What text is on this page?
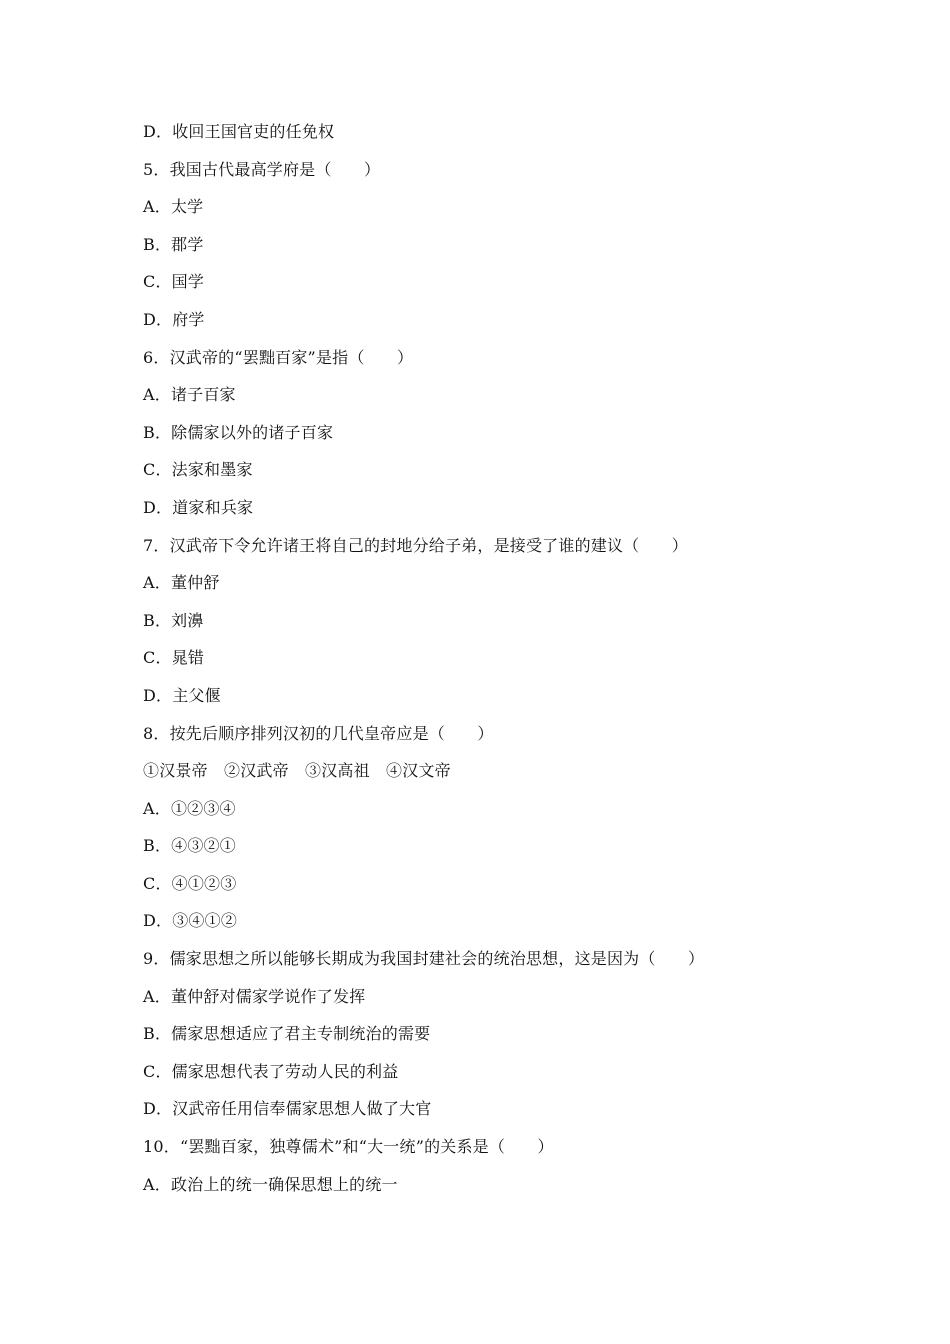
D．收回王国官吏的任免权
5．我国古代最高学府是（　　）
A．太学
B．郡学
C．国学
D．府学
6．汉武帝的“罢黜百家”是指（　　）
A．诸子百家
B．除儒家以外的诸子百家
C．法家和墨家
D．道家和兵家
7．汉武帝下令允许诸王将自己的封地分给子弟，是接受了谁的建议（　　）
A．董仲舒
B．刘濞
C．晁错
D．主父偃
8．按先后顺序排列汉初的几代皇帝应是（　　）
①汉景帝　②汉武帝　③汉高祖　④汉文帝
A．①②③④
B．④③②①
C．④①②③
D．③④①②
9．儒家思想之所以能够长期成为我国封建社会的统治思想，这是因为（　　）
A．董仲舒对儒家学说作了发挥
B．儒家思想适应了君主专制统治的需要
C．儒家思想代表了劳动人民的利益
D．汉武帝任用信奉儒家思想人做了大官
10．“罢黜百家，独尊儒术”和“大一统”的关系是（　　）
A．政治上的统一确保思想上的统一
